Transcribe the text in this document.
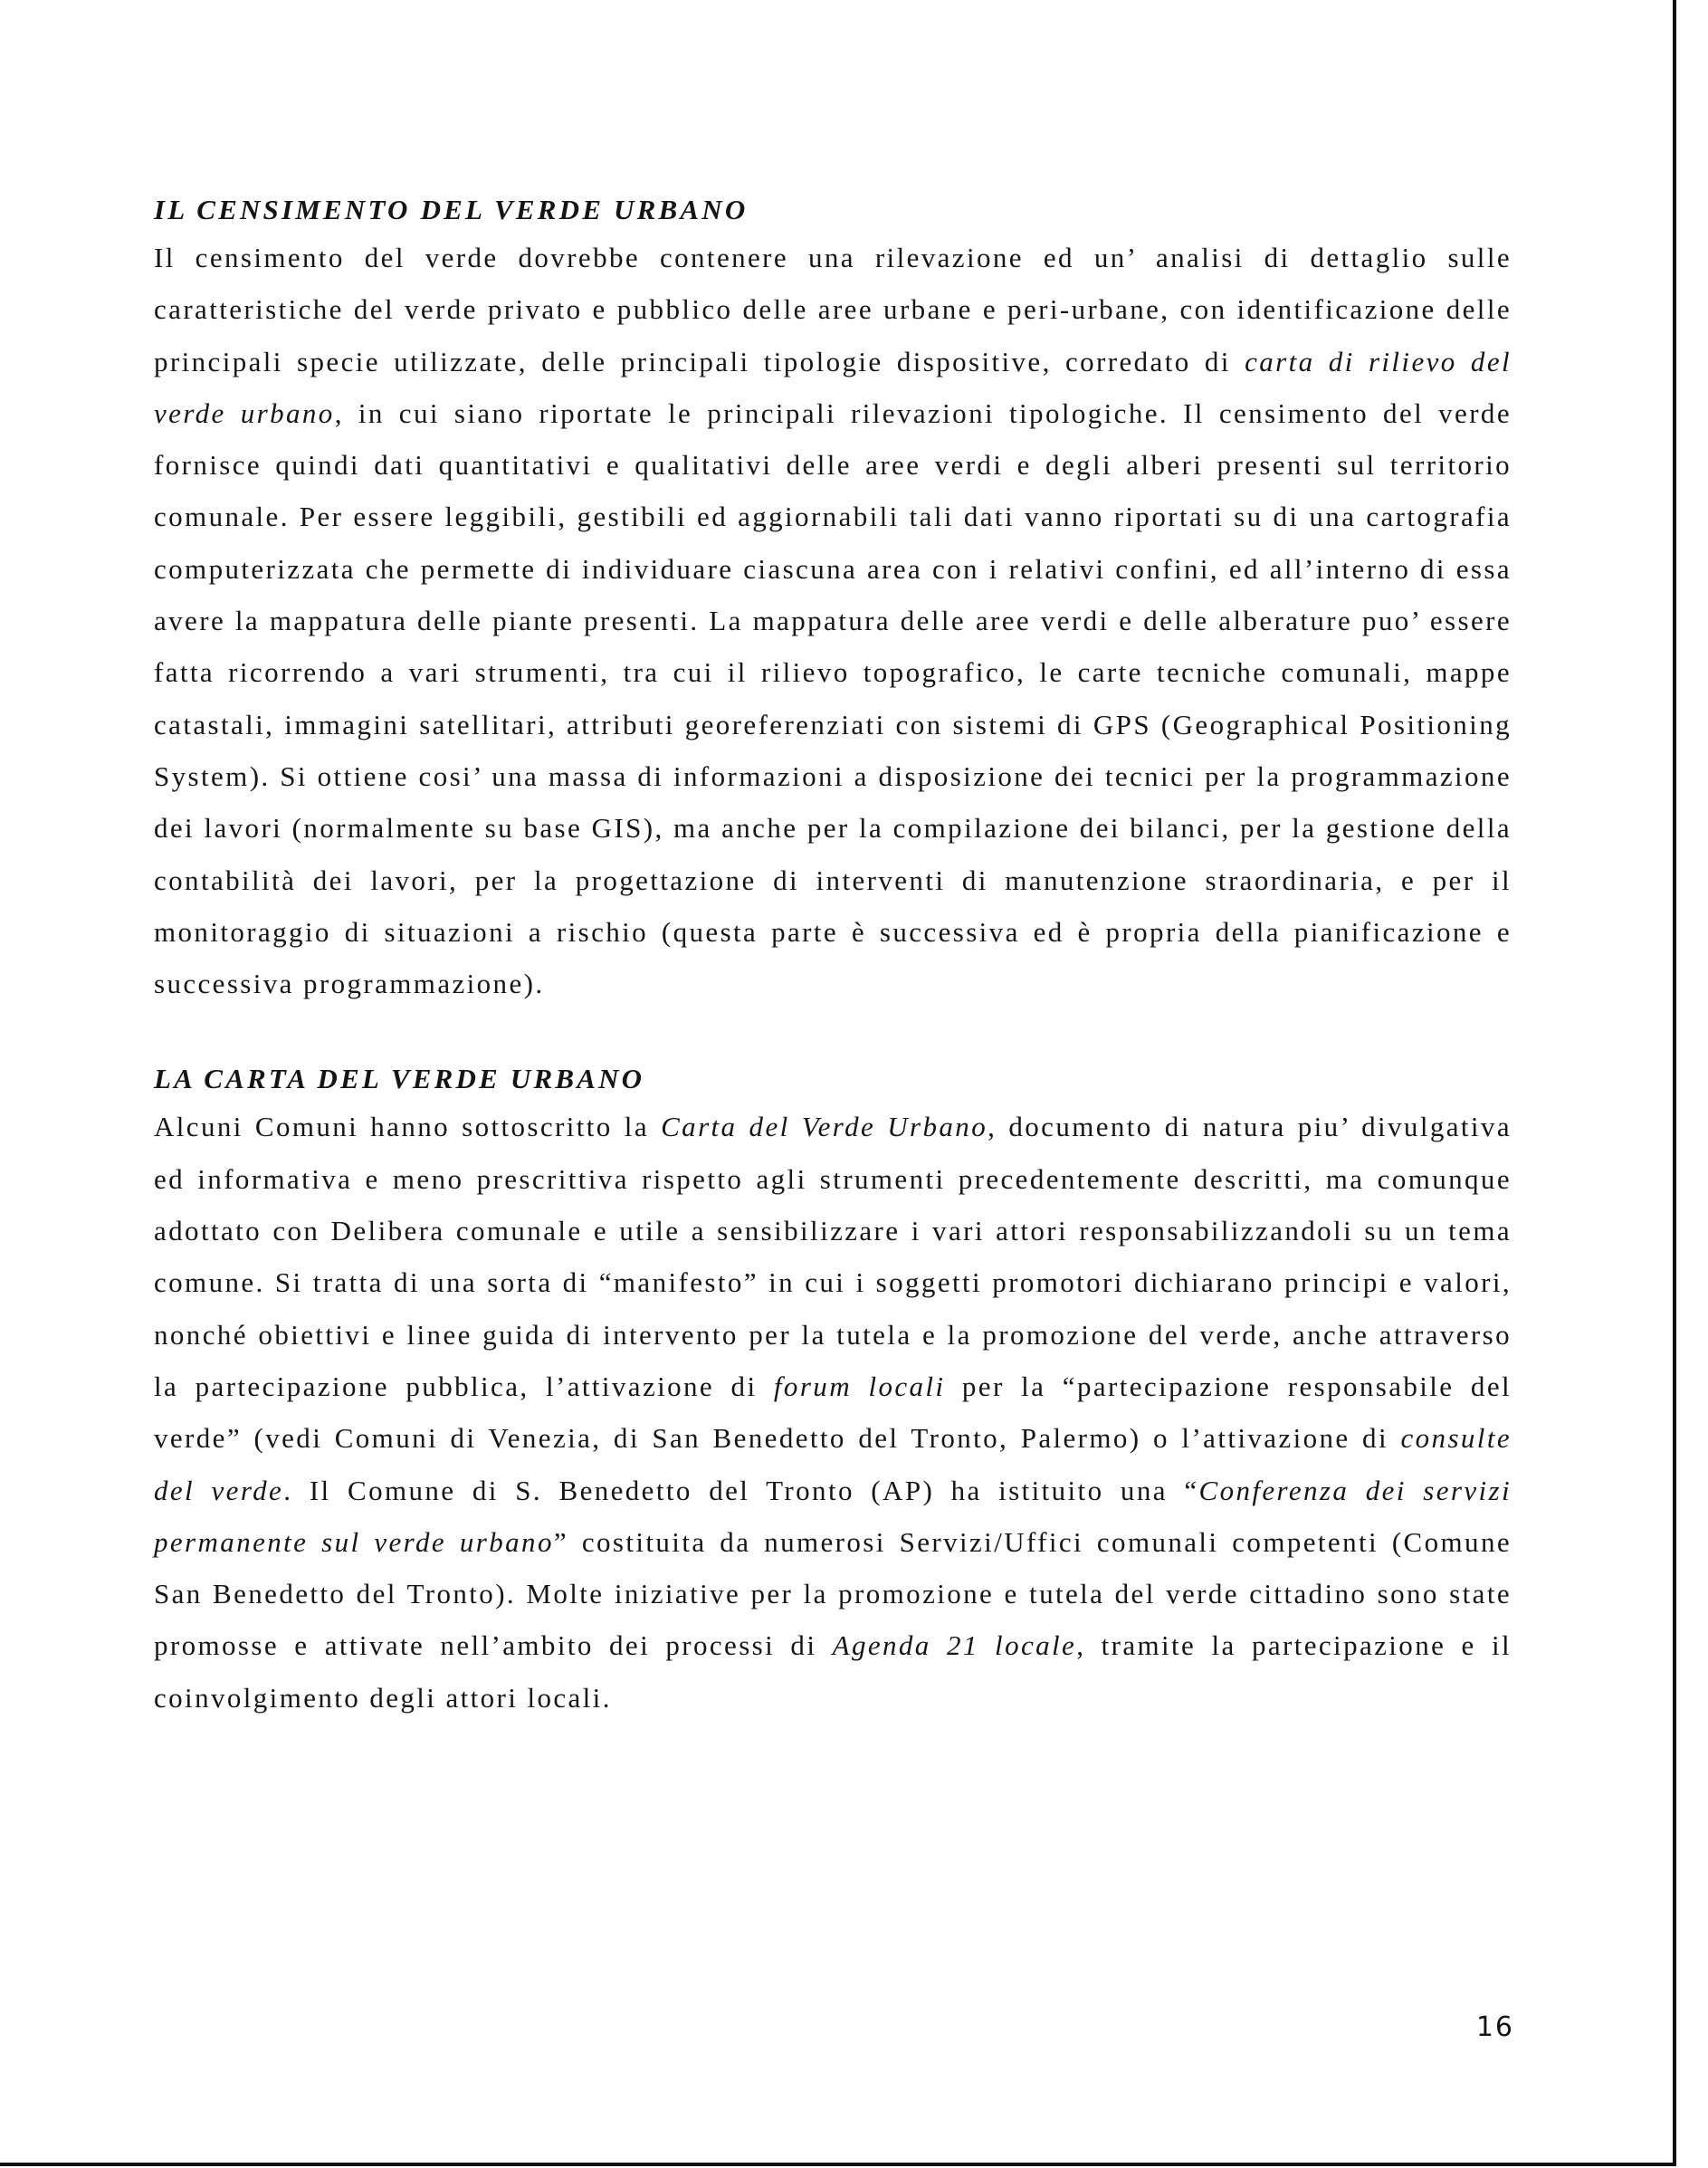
IL CENSIMENTO DEL VERDE URBANO

Il censimento del verde dovrebbe contenere una rilevazione ed un’ analisi di dettaglio sulle caratteristiche del verde privato e pubblico delle aree urbane e peri-urbane, con identificazione delle principali specie utilizzate, delle principali tipologie dispositive, corredato di carta di rilievo del verde urbano, in cui siano riportate le principali rilevazioni tipologiche. Il censimento del verde fornisce quindi dati quantitativi e qualitativi delle aree verdi e degli alberi presenti sul territorio comunale. Per essere leggibili, gestibili ed aggiornabili tali dati vanno riportati su di una cartografia computerizzata che permette di individuare ciascuna area con i relativi confini, ed all’interno di essa avere la mappatura delle piante presenti. La mappatura delle aree verdi e delle alberature puo’ essere fatta ricorrendo a vari strumenti, tra cui il rilievo topografico, le carte tecniche comunali, mappe catastali, immagini satellitari, attributi georeferenziati con sistemi di GPS (Geographical Positioning System). Si ottiene cosi’ una massa di informazioni a disposizione dei tecnici per la programmazione dei lavori (normalmente su base GIS), ma anche per la compilazione dei bilanci, per la gestione della contabilità dei lavori, per la progettazione di interventi di manutenzione straordinaria, e per il monitoraggio di situazioni a rischio (questa parte è successiva ed è propria della pianificazione e successiva programmazione).

LA CARTA DEL VERDE URBANO

Alcuni Comuni hanno sottoscritto la Carta del Verde Urbano, documento di natura piu’ divulgativa ed informativa e meno prescrittiva rispetto agli strumenti precedentemente descritti, ma comunque adottato con Delibera comunale e utile a sensibilizzare i vari attori responsabilizzandoli su un tema comune. Si tratta di una sorta di “manifesto” in cui i soggetti promotori dichiarano principi e valori, nonché obiettivi e linee guida di intervento per la tutela e la promozione del verde, anche attraverso la partecipazione pubblica, l’attivazione di forum locali per la “partecipazione responsabile del verde” (vedi Comuni di Venezia, di San Benedetto del Tronto, Palermo) o l’attivazione di consulte del verde. Il Comune di S. Benedetto del Tronto (AP) ha istituito una “Conferenza dei servizi permanente sul verde urbano” costituita da numerosi Servizi/Uffici comunali competenti (Comune San Benedetto del Tronto). Molte iniziative per la promozione e tutela del verde cittadino sono state promosse e attivate nell’ambito dei processi di Agenda 21 locale, tramite la partecipazione e il coinvolgimento degli attori locali.

16
